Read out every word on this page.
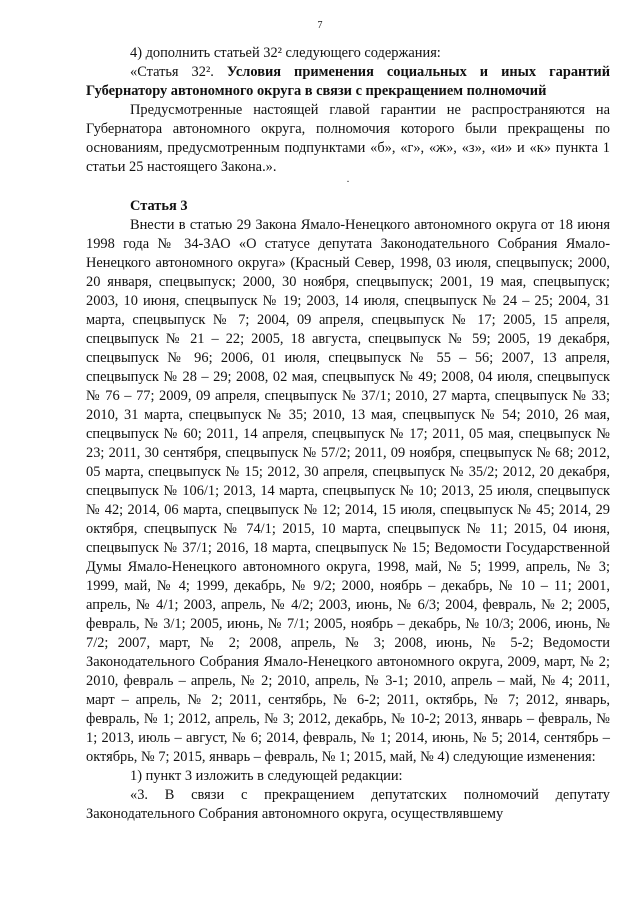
7

4) дополнить статьей 32² следующего содержания:

«Статья 32². Условия применения социальных и иных гарантий Губернатору автономного округа в связи с прекращением полномочий

Предусмотренные настоящей главой гарантии не распространяются на Губернатора автономного округа, полномочия которого были прекращены по основаниям, предусмотренным подпунктами «б», «г», «ж», «з», «и» и «к» пункта 1 статьи 25 настоящего Закона.».

.

Статья 3

Внести в статью 29 Закона Ямало-Ненецкого автономного округа от 18 июня 1998 года № 34-ЗАО «О статусе депутата Законодательного Собрания Ямало-Ненецкого автономного округа» (Красный Север, 1998, 03 июля, спецвыпуск; 2000, 20 января, спецвыпуск; 2000, 30 ноября, спецвыпуск; 2001, 19 мая, спецвыпуск; 2003, 10 июня, спецвыпуск № 19; 2003, 14 июля, спецвыпуск № 24 – 25; 2004, 31 марта, спецвыпуск № 7; 2004, 09 апреля, спецвыпуск № 17; 2005, 15 апреля, спецвыпуск № 21 – 22; 2005, 18 августа, спецвыпуск № 59; 2005, 19 декабря, спецвыпуск № 96; 2006, 01 июля, спецвыпуск № 55 – 56; 2007, 13 апреля, спецвыпуск № 28 – 29; 2008, 02 мая, спецвыпуск № 49; 2008, 04 июля, спецвыпуск № 76 – 77; 2009, 09 апреля, спецвыпуск № 37/1; 2010, 27 марта, спецвыпуск № 33; 2010, 31 марта, спецвыпуск № 35; 2010, 13 мая, спецвыпуск № 54; 2010, 26 мая, спецвыпуск № 60; 2011, 14 апреля, спецвыпуск № 17; 2011, 05 мая, спецвыпуск № 23; 2011, 30 сентября, спецвыпуск № 57/2; 2011, 09 ноября, спецвыпуск № 68; 2012, 05 марта, спецвыпуск № 15; 2012, 30 апреля, спецвыпуск № 35/2; 2012, 20 декабря, спецвыпуск № 106/1; 2013, 14 марта, спецвыпуск № 10; 2013, 25 июля, спецвыпуск № 42; 2014, 06 марта, спецвыпуск № 12; 2014, 15 июля, спецвыпуск № 45; 2014, 29 октября, спецвыпуск № 74/1; 2015, 10 марта, спецвыпуск № 11; 2015, 04 июня, спецвыпуск № 37/1; 2016, 18 марта, спецвыпуск № 15; Ведомости Государственной Думы Ямало-Ненецкого автономного округа, 1998, май, № 5; 1999, апрель, № 3; 1999, май, № 4; 1999, декабрь, № 9/2; 2000, ноябрь – декабрь, № 10 – 11; 2001, апрель, № 4/1; 2003, апрель, № 4/2; 2003, июнь, № 6/3; 2004, февраль, № 2; 2005, февраль, № 3/1; 2005, июнь, № 7/1; 2005, ноябрь – декабрь, № 10/3; 2006, июнь, № 7/2; 2007, март, № 2; 2008, апрель, № 3; 2008, июнь, № 5-2; Ведомости Законодательного Собрания Ямало-Ненецкого автономного округа, 2009, март, № 2; 2010, февраль – апрель, № 2; 2010, апрель, № 3-1; 2010, апрель – май, № 4; 2011, март – апрель, № 2; 2011, сентябрь, № 6-2; 2011, октябрь, № 7; 2012, январь, февраль, № 1; 2012, апрель, № 3; 2012, декабрь, № 10-2; 2013, январь – февраль, № 1; 2013, июль – август, № 6; 2014, февраль, № 1; 2014, июнь, № 5; 2014, сентябрь – октябрь, № 7; 2015, январь – февраль, № 1; 2015, май, № 4) следующие изменения:

1) пункт 3 изложить в следующей редакции:

«3. В связи с прекращением депутатских полномочий депутату Законодательного Собрания автономного округа, осуществлявшему
